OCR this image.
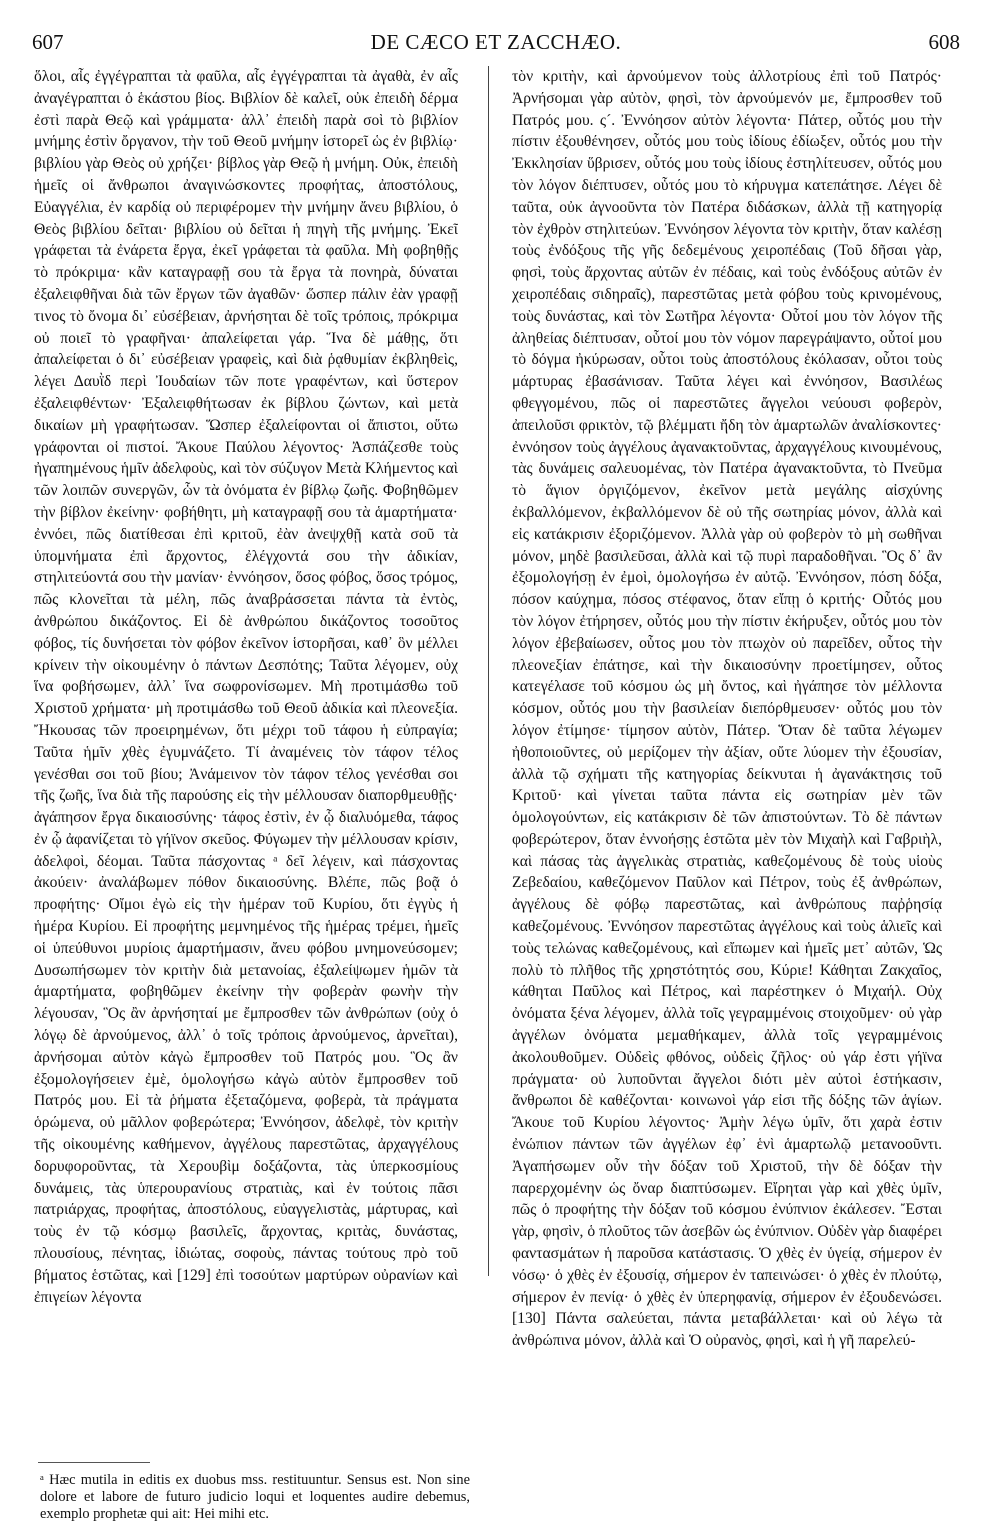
607	DE CÆCO ET ZACCHÆO.	608

ὅλοι, αἷς ἐγγέγραπται τὰ φαῦλα, αἷς ἐγγέγραπται τὰ ἀγαθὰ, ἐν αἷς ἀναγέγραπται ὁ ἑκάστου βίος. Βιβλίον δὲ καλεῖ, οὐκ ἐπειδὴ δέρμα ἐστὶ παρὰ Θεῷ καὶ γράμματα· ἀλλ᾽ ἐπειδὴ παρὰ σοὶ τὸ βιβλίον μνήμης ἐστὶν ὄργανον, τὴν τοῦ Θεοῦ μνήμην ἱστορεῖ ὡς ἐν βιβλίῳ· βιβλίου γὰρ Θεὸς οὐ χρήζει· βίβλος γὰρ Θεῷ ἡ μνήμη. Οὐκ, ἐπειδὴ ἡμεῖς οἱ ἄνθρωποι ἀναγινώσκοντες προφήτας, ἀποστόλους, Εὐαγγέλια, ἐν καρδίᾳ οὐ περιφέρομεν τὴν μνήμην ἄνευ βιβλίου, ὁ Θεὸς βιβλίου δεῖται· βιβλίου οὐ δεῖται ἡ πηγὴ τῆς μνήμης. Ἐκεῖ γράφεται τὰ ἐνάρετα ἔργα, ἐκεῖ γράφεται τὰ φαῦλα. Μὴ φοβηθῇς τὸ πρόκριμα· κἂν καταγραφῇ σου τὰ ἔργα τὰ πονηρὰ, δύναται ἐξαλειφθῆναι διὰ τῶν ἔργων τῶν ἀγαθῶν· ὥσπερ πάλιν ἐὰν γραφῇ τινος τὸ ὄνομα δι᾽ εὐσέβειαν, ἀρνήσηται δὲ τοῖς τρόποις, πρόκριμα οὐ ποιεῖ τὸ γραφῆναι· ἀπαλείφεται γάρ. Ἵνα δὲ μάθῃς, ὅτι ἀπαλείφεται ὁ δι᾽ εὐσέβειαν γραφεὶς, καὶ διὰ ῥᾳθυμίαν ἐκβληθεὶς, λέγει Δαυῒδ περὶ Ἰουδαίων τῶν ποτε γραφέντων, καὶ ὕστερον ἐξαλειφθέντων· Ἐξαλειφθήτωσαν ἐκ βίβλου ζώντων, καὶ μετὰ δικαίων μὴ γραφήτωσαν. Ὥσπερ ἐξαλείφονται οἱ ἄπιστοι, οὕτω γράφονται οἱ πιστοί. Ἄκουε Παύλου λέγοντος· Ἀσπάζεσθε τοὺς ἠγαπημένους ἡμῖν ἀδελφοὺς, καὶ τὸν σύζυγον Μετὰ Κλήμεντος καὶ τῶν λοιπῶν συνεργῶν, ὧν τὰ ὀνόματα ἐν βίβλῳ ζωῆς. Φοβηθῶμεν τὴν βίβλον ἐκείνην· φοβήθητι, μὴ καταγραφῇ σου τὰ ἁμαρτήματα· ἐννόει, πῶς διατίθεσαι ἐπὶ κριτοῦ, ἐὰν ἀνεψχθῇ κατὰ σοῦ τὰ ὑπομνήματα ἐπὶ ἄρχοντος, ἐλέγχοντά σου τὴν ἀδικίαν, στηλιτεύοντά σου τὴν μανίαν· ἐννόησον, ὅσος φόβος, ὅσος τρόμος, πῶς κλονεῖται τὰ μέλη, πῶς ἀναβράσσεται πάντα τὰ ἐντὸς, ἀνθρώπου δικάζοντος. Εἰ δὲ ἀνθρώπου δικάζοντος τοσοῦτος φόβος, τίς δυνήσεται τὸν φόβον ἐκεῖνον ἱστορῆσαι, καθ᾽ ὃν μέλλει κρίνειν τὴν οἰκουμένην ὁ πάντων Δεσπότης; Ταῦτα λέγομεν, οὐχ ἵνα φοβήσωμεν, ἀλλ᾽ ἵνα σωφρονίσωμεν. Μὴ προτιμάσθω τοῦ Χριστοῦ χρήματα· μὴ προτιμάσθω τοῦ Θεοῦ ἀδικία καὶ πλεονεξία. Ἤκουσας τῶν προειρημένων, ὅτι μέχρι τοῦ τάφου ἡ εὐπραγία; Ταῦτα ἡμῖν χθὲς ἐγυμνάζετο. Τί ἀναμένεις τὸν τάφον τέλος γενέσθαι σοι τοῦ βίου; Ἀνάμεινον τὸν τάφον τέλος γενέσθαι σοι τῆς ζωῆς, ἵνα διὰ τῆς παρούσης εἰς τὴν μέλλουσαν διαπορθμευθῇς· ἀγάπησον ἔργα δικαιοσύνης· τάφος ἐστὶν, ἐν ᾧ διαλυόμεθα, τάφος ἐν ᾧ ἀφανίζεται τὸ γήϊνον σκεῦος. Φύγωμεν τὴν μέλλουσαν κρίσιν, ἀδελφοὶ, δέομαι. Ταῦτα πάσχοντας ᵃ δεῖ λέγειν, καὶ πάσχοντας ἀκούειν· ἀναλάβωμεν πόθον δικαιοσύνης. Βλέπε, πῶς βοᾷ ὁ προφήτης· Οἴμοι ἐγὼ εἰς τὴν ἡμέραν τοῦ Κυρίου, ὅτι ἐγγὺς ἡ ἡμέρα Κυρίου. Εἰ προφήτης μεμνημένος τῆς ἡμέρας τρέμει, ἡμεῖς οἱ ὑπεύθυνοι μυρίοις ἁμαρτήμασιν, ἄνευ φόβου μνημονεύσομεν; Δυσωπήσωμεν τὸν κριτὴν διὰ μετανοίας, ἐξαλείψωμεν ἡμῶν τὰ ἁμαρτήματα, φοβηθῶμεν ἐκείνην τὴν φοβερὰν φωνὴν τὴν λέγουσαν, Ὃς ἂν ἀρνήσηταί με ἔμπροσθεν τῶν ἀνθρώπων (οὐχ ὁ λόγῳ δὲ ἀρνούμενος, ἀλλ᾽ ὁ τοῖς τρόποις ἀρνούμενος, ἀρνεῖται), ἀρνήσομαι αὐτὸν κἀγὼ ἔμπροσθεν τοῦ Πατρός μου. Ὃς ἂν ἐξομολογήσειεν ἐμὲ, ὁμολογήσω κἀγὼ αὐτὸν ἔμπροσθεν τοῦ Πατρός μου. Εἰ τὰ ῥήματα ἐξεταζόμενα, φοβερὰ, τὰ πράγματα ὁρώμενα, οὐ μᾶλλον φοβερώτερα; Ἐννόησον, ἀδελφὲ, τὸν κριτὴν τῆς οἰκουμένης καθήμενον, ἀγγέλους παρεστῶτας, ἀρχαγγέλους δορυφοροῦντας, τὰ Χερουβὶμ δοξάζοντα, τὰς ὑπερκοσμίους δυνάμεις, τὰς ὑπερουρανίους στρατιὰς, καὶ ἐν τούτοις πᾶσι πατριάρχας, προφήτας, ἀποστόλους, εὐαγγελιστὰς, μάρτυρας, καὶ τοὺς ἐν τῷ κόσμῳ βασιλεῖς, ἄρχοντας, κριτὰς, δυνάστας, πλουσίους, πένητας, ἰδιώτας, σοφοὺς, πάντας τούτους πρὸ τοῦ βήματος ἑστῶτας, καὶ [129] ἐπὶ τοσούτων μαρτύρων οὐρανίων καὶ ἐπιγείων λέγοντα

τὸν κριτὴν, καὶ ἀρνούμενον τοὺς ἀλλοτρίους ἐπὶ τοῦ Πατρός· Ἀρνήσομαι γὰρ αὐτὸν, φησὶ, τὸν ἀρνούμενόν με, ἔμπροσθεν τοῦ Πατρός μου. ς´. Ἐννόησον αὐτὸν λέγοντα· Πάτερ, οὗτός μου τὴν πίστιν ἐξουθένησεν, οὗτός μου τοὺς ἰδίους ἐδίωξεν, οὗτός μου τὴν Ἐκκλησίαν ὕβρισεν, οὗτός μου τοὺς ἰδίους ἐστηλίτευσεν, οὗτός μου τὸν λόγον διέπτυσεν, οὗτός μου τὸ κήρυγμα κατεπάτησε. Λέγει δὲ ταῦτα, οὐκ ἀγνοοῦντα τὸν Πατέρα διδάσκων, ἀλλὰ τῇ κατηγορίᾳ τὸν ἐχθρὸν στηλιτεύων. Ἐννόησον λέγοντα τὸν κριτὴν, ὅταν καλέσῃ τοὺς ἐνδόξους τῆς γῆς δεδεμένους χειροπέδαις (Τοῦ δῆσαι γὰρ, φησὶ, τοὺς ἄρχοντας αὐτῶν ἐν πέδαις, καὶ τοὺς ἐνδόξους αὐτῶν ἐν χειροπέδαις σιδηραῖς), παρεστῶτας μετὰ φόβου τοὺς κρινομένους, τοὺς δυνάστας, καὶ τὸν Σωτῆρα λέγοντα· Οὗτοί μου τὸν λόγον τῆς ἀληθείας διέπτυσαν, οὗτοί μου τὸν νόμον παρεγράψαντο, οὗτοί μου τὸ δόγμα ἠκύρωσαν, οὗτοι τοὺς ἀποστόλους ἐκόλασαν, οὗτοι τοὺς μάρτυρας ἐβασάνισαν. Ταῦτα λέγει καὶ ἐννόησον, Βασιλέως φθεγγομένου, πῶς οἱ παρεστῶτες ἄγγελοι νεύουσι φοβερὸν, ἀπειλοῦσι φρικτὸν, τῷ βλέμματι ἤδη τὸν ἁμαρτωλῶν ἀναλίσκοντες· ἐννόησον τοὺς ἀγγέλους ἀγανακτοῦντας, ἀρχαγγέλους κινουμένους, τὰς δυνάμεις σαλευομένας, τὸν Πατέρα ἀγανακτοῦντα, τὸ Πνεῦμα τὸ ἅγιον ὀργιζόμενον, ἐκεῖνον μετὰ μεγάλης αἰσχύνης ἐκβαλλόμενον, ἐκβαλλόμενον δὲ οὐ τῆς σωτηρίας μόνον, ἀλλὰ καὶ εἰς κατάκρισιν ἐξοριζόμενον. Ἀλλὰ γὰρ οὐ φοβερὸν τὸ μὴ σωθῆναι μόνον, μηδὲ βασιλεῦσαι, ἀλλὰ καὶ τῷ πυρὶ παραδοθῆναι. Ὃς δ᾽ ἂν ἐξομολογήσῃ ἐν ἐμοὶ, ὁμολογήσω ἐν αὐτῷ. Ἐννόησον, πόση δόξα, πόσον καύχημα, πόσος στέφανος, ὅταν εἴπῃ ὁ κριτής· Οὗτός μου τὸν λόγον ἐτήρησεν, οὗτός μου τὴν πίστιν ἐκήρυξεν, οὗτός μου τὸν λόγον ἐβεβαίωσεν, οὗτος μου τὸν πτωχὸν οὐ παρεῖδεν, οὗτος τὴν πλεονεξίαν ἐπάτησε, καὶ τὴν δικαιοσύνην προετίμησεν, οὗτος κατεγέλασε τοῦ κόσμου ὡς μὴ ὄντος, καὶ ἠγάπησε τὸν μέλλοντα κόσμον, οὗτός μου τὴν βασιλείαν διεπόρθμευσεν· οὗτός μου τὸν λόγον ἐτίμησε· τίμησον αὐτὸν, Πάτερ. Ὅταν δὲ ταῦτα λέγωμεν ἠθοποιοῦντες, οὐ μερίζομεν τὴν ἀξίαν, οὔτε λύομεν τὴν ἐξουσίαν, ἀλλὰ τῷ σχήματι τῆς κατηγορίας δείκνυται ἡ ἀγανάκτησις τοῦ Κριτοῦ· καὶ γίνεται ταῦτα πάντα εἰς σωτηρίαν μὲν τῶν ὁμολογούντων, εἰς κατάκρισιν δὲ τῶν ἀπιστούντων. Τὸ δὲ πάντων φοβερώτερον, ὅταν ἐννοήσῃς ἑστῶτα μὲν τὸν Μιχαὴλ καὶ Γαβριὴλ, καὶ πάσας τὰς ἀγγελικὰς στρατιὰς, καθεζομένους δὲ τοὺς υἱοὺς Ζεβεδαίου, καθεζόμενον Παῦλον καὶ Πέτρον, τοὺς ἐξ ἀνθρώπων, ἀγγέλους δὲ φόβῳ παρεστῶτας, καὶ ἀνθρώπους παῤῥησίᾳ καθεζομένους. Ἐννόησον παρεστῶτας ἀγγέλους καὶ τοὺς ἁλιεῖς καὶ τοὺς τελώνας καθεζομένους, καὶ εἴπωμεν καὶ ἡμεῖς μετ᾽ αὐτῶν, Ὡς πολὺ τὸ πλῆθος τῆς χρηστότητός σου, Κύριε! Κάθηται Ζακχαῖος, κάθηται Παῦλος καὶ Πέτρος, καὶ παρέστηκεν ὁ Μιχαήλ. Οὐχ ὀνόματα ξένα λέγομεν, ἀλλὰ τοῖς γεγραμμένοις στοιχοῦμεν· οὐ γὰρ ἀγγέλων ὀνόματα μεμαθήκαμεν, ἀλλὰ τοῖς γεγραμμένοις ἀκολουθοῦμεν. Οὐδεὶς φθόνος, οὐδεὶς ζῆλος· οὐ γάρ ἐστι γήϊνα πράγματα· οὐ λυποῦνται ἄγγελοι διότι μὲν αὐτοὶ ἑστήκασιν, ἄνθρωποι δὲ καθέζονται· κοινωνοὶ γάρ εἰσι τῆς δόξης τῶν ἁγίων. Ἄκουε τοῦ Κυρίου λέγοντος· Ἀμὴν λέγω ὑμῖν, ὅτι χαρὰ ἐστιν ἐνώπιον πάντων τῶν ἀγγέλων ἐφ᾽ ἑνὶ ἁμαρτωλῷ μετανοοῦντι. Ἀγαπήσωμεν οὖν τὴν δόξαν τοῦ Χριστοῦ, τὴν δὲ δόξαν τὴν παρερχομένην ὡς ὄναρ διαπτύσωμεν. Εἴρηται γὰρ καὶ χθὲς ὑμῖν, πῶς ὁ προφήτης τὴν δόξαν τοῦ κόσμου ἐνύπνιον ἐκάλεσεν. Ἔσται γὰρ, φησὶν, ὁ πλοῦτος τῶν ἀσεβῶν ὡς ἐνύπνιον. Οὐδὲν γὰρ διαφέρει φαντασμάτων ἡ παροῦσα κατάστασις. Ὁ χθὲς ἐν ὑγείᾳ, σήμερον ἐν νόσῳ· ὁ χθὲς ἐν ἐξουσίᾳ, σήμερον ἐν ταπεινώσει· ὁ χθὲς ἐν πλούτῳ, σήμερον ἐν πενίᾳ· ὁ χθὲς ἐν ὑπερηφανίᾳ, σήμερον ἐν ἐξουδενώσει. [130] Πάντα σαλεύεται, πάντα μεταβάλλεται· καὶ οὐ λέγω τὰ ἀνθρώπινα μόνον, ἀλλὰ καὶ Ὁ οὐρανὸς, φησὶ, καὶ ἡ γῆ παρελεύ-

ᵃ Hæc mutila in editis ex duobus mss. restituuntur. Sensus est. Non sine dolore et labore de futuro judicio loqui et loquentes audire debemus, exemplo prophetæ qui ait: Hei mihi etc.
